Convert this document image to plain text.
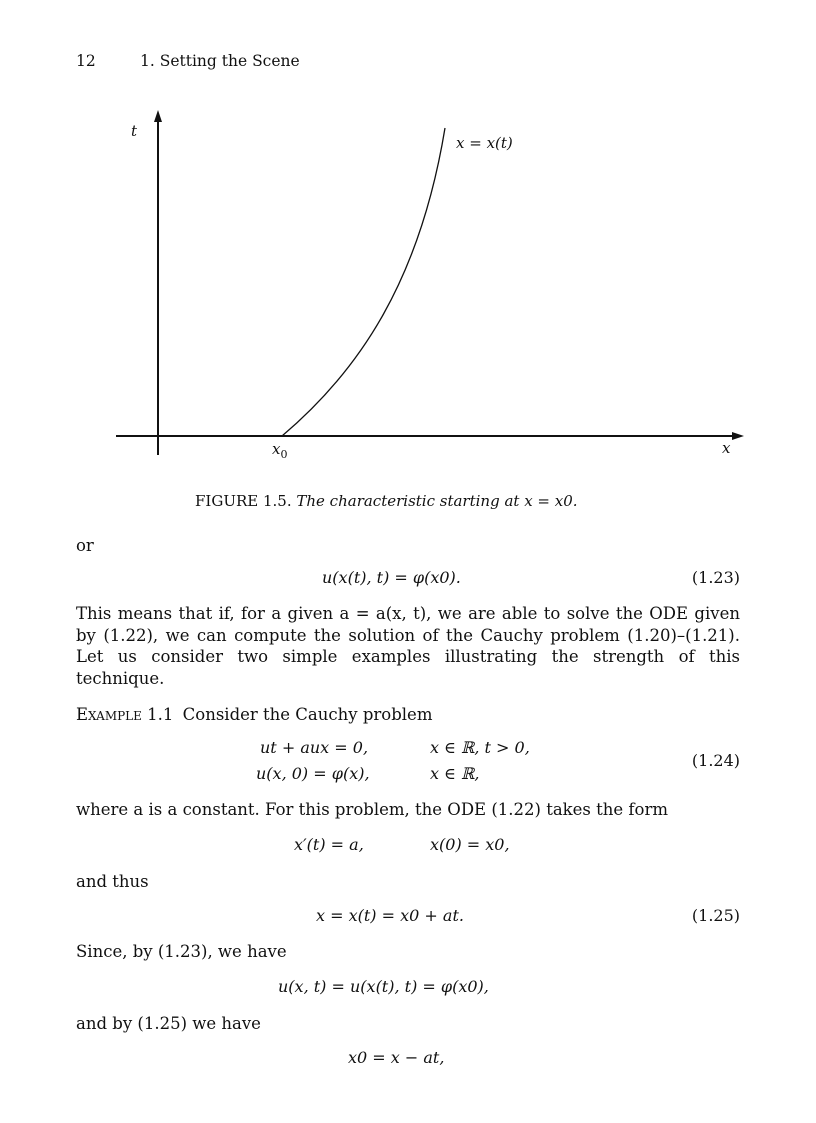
12	1. Setting the Scene
t
x
$x_0$
x = x(t)
FIGURE 1.5. The characteristic starting at x = x0.
or
u(x(t), t) = φ(x0).	(1.23)
This means that if, for a given a = a(x, t), we are able to solve the ODE given by (1.22), we can compute the solution of the Cauchy problem (1.20)–(1.21). Let us consider two simple examples illustrating the strength of this technique.
Example 1.1 Consider the Cauchy problem
ut + aux = 0,	x ∈ ℝ, t > 0,
u(x, 0) = φ(x),	x ∈ ℝ,
(1.24)
where a is a constant. For this problem, the ODE (1.22) takes the form
x′(t) = a,	x(0) = x0,
and thus
x = x(t) = x0 + at.	(1.25)
Since, by (1.23), we have
u(x, t) = u(x(t), t) = φ(x0),
and by (1.25) we have
x0 = x − at,
